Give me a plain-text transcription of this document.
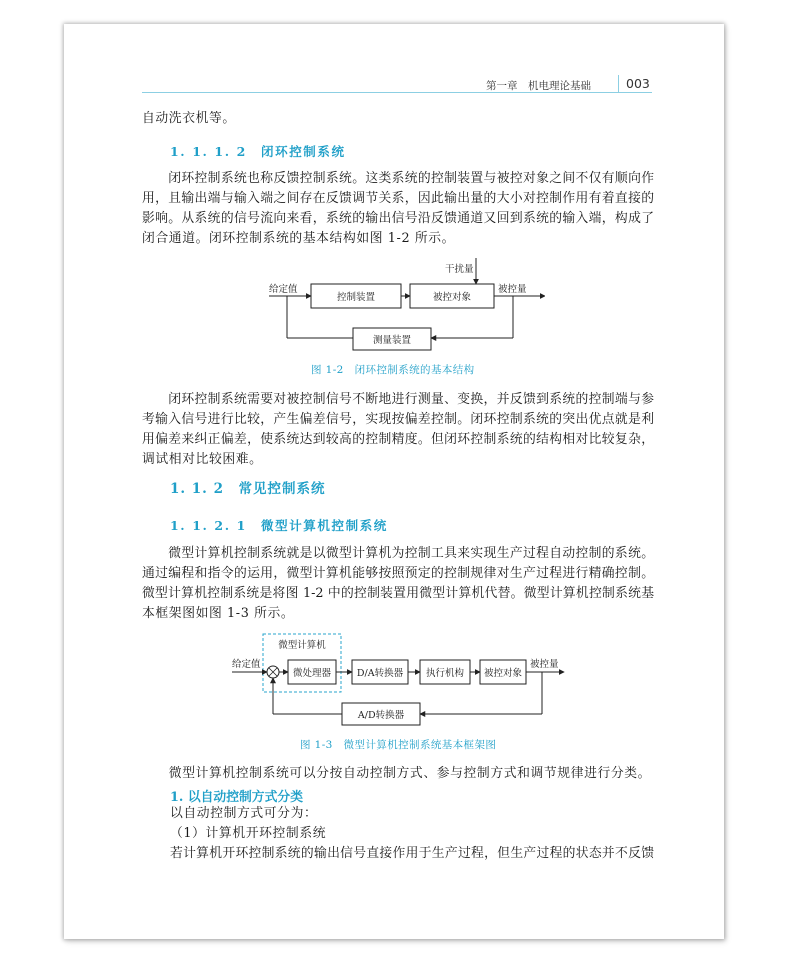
第一章　机电理论基础	003
自动洗衣机等。
1. 1. 1. 2　闭环控制系统
　　闭环控制系统也称反馈控制系统。这类系统的控制装置与被控对象之间不仅有顺向作
用，且输出端与输入端之间存在反馈调节关系，因此输出量的大小对控制作用有着直接的
影响。从系统的信号流向来看，系统的输出信号沿反馈通道又回到系统的输入端，构成了
闭合通道。闭环控制系统的基本结构如图 1-2 所示。
给定值
控制装置	被控对象
干扰量
被控量
测量装置
图 1-2　闭环控制系统的基本结构
　　闭环控制系统需要对被控制信号不断地进行测量、变换，并反馈到系统的控制端与参
考输入信号进行比较，产生偏差信号，实现按偏差控制。闭环控制系统的突出优点就是利
用偏差来纠正偏差，使系统达到较高的控制精度。但闭环控制系统的结构相对比较复杂，
调试相对比较困难。
1. 1. 2　常见控制系统
1. 1. 2. 1　微型计算机控制系统
　　微型计算机控制系统就是以微型计算机为控制工具来实现生产过程自动控制的系统。
通过编程和指令的运用，微型计算机能够按照预定的控制规律对生产过程进行精确控制。
微型计算机控制系统是将图 1-2 中的控制装置用微型计算机代替。微型计算机控制系统基
本框架图如图 1-3 所示。
微型计算机
给定值
微处理器	D/A转换器 执行机构 被控对象
被控量
A/D转换器
图 1-3　微型计算机控制系统基本框架图
　　微型计算机控制系统可以分按自动控制方式、参与控制方式和调节规律进行分类。
1. 以自动控制方式分类
以自动控制方式可分为：
（1）计算机开环控制系统
若计算机开环控制系统的输出信号直接作用于生产过程，但生产过程的状态并不反馈
